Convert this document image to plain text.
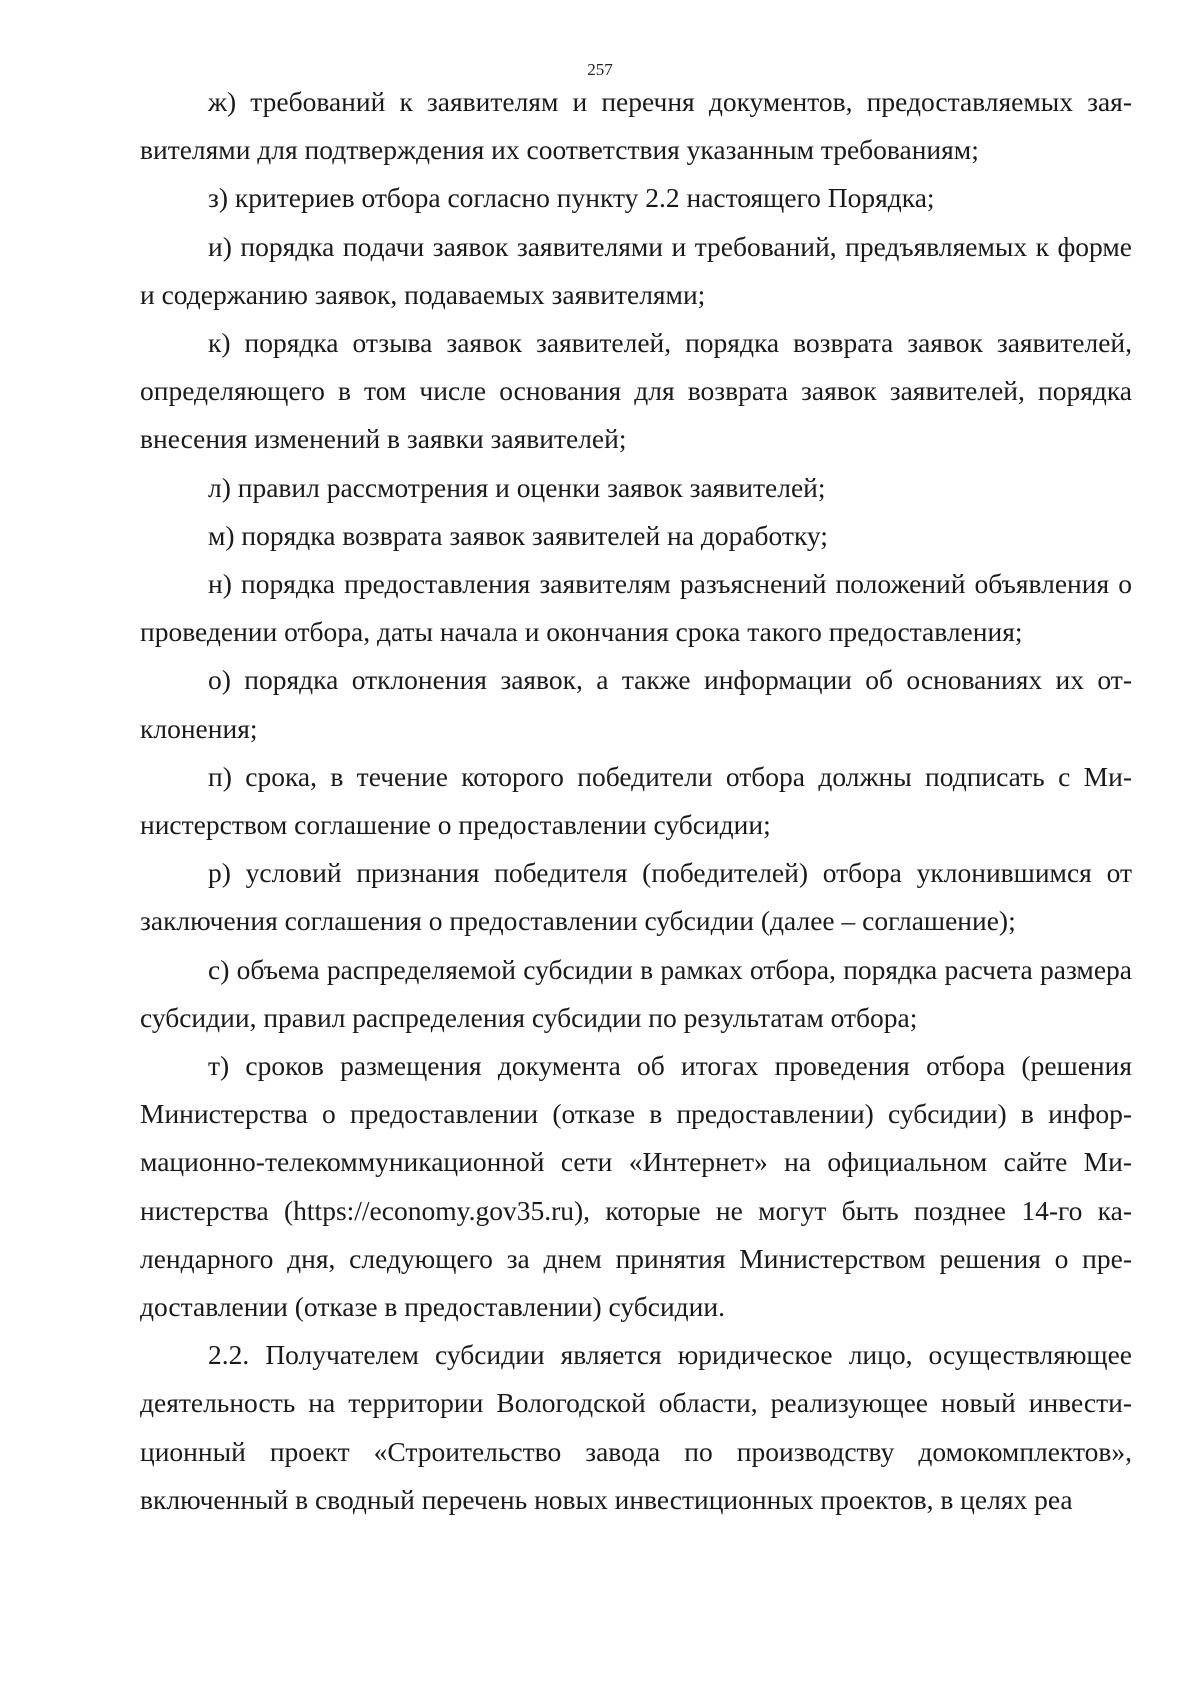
257

ж) требований к заявителям и перечня документов, предоставляемых заявителями для подтверждения их соответствия указанным требованиям;

з) критериев отбора согласно пункту 2.2 настоящего Порядка;

и) порядка подачи заявок заявителями и требований, предъявляемых к форме и содержанию заявок, подаваемых заявителями;

к) порядка отзыва заявок заявителей, порядка возврата заявок заявителей, определяющего в том числе основания для возврата заявок заявителей, порядка внесения изменений в заявки заявителей;

л) правил рассмотрения и оценки заявок заявителей;

м) порядка возврата заявок заявителей на доработку;

н) порядка предоставления заявителям разъяснений положений объявления о проведении отбора, даты начала и окончания срока такого предоставления;

о) порядка отклонения заявок, а также информации об основаниях их отклонения;

п) срока, в течение которого победители отбора должны подписать с Министерством соглашение о предоставлении субсидии;

р) условий признания победителя (победителей) отбора уклонившимся от заключения соглашения о предоставлении субсидии (далее – соглашение);

с) объема распределяемой субсидии в рамках отбора, порядка расчета размера субсидии, правил распределения субсидии по результатам отбора;

т) сроков размещения документа об итогах проведения отбора (решения Министерства о предоставлении (отказе в предоставлении) субсидии) в информационно-телекоммуникационной сети «Интернет» на официальном сайте Министерства (https://economy.gov35.ru), которые не могут быть позднее 14-го календарного дня, следующего за днем принятия Министерством решения о предоставлении (отказе в предоставлении) субсидии.

2.2. Получателем субсидии является юридическое лицо, осуществляющее деятельность на территории Вологодской области, реализующее новый инвестиционный проект «Строительство завода по производству домокомплектов», включенный в сводный перечень новых инвестиционных проектов, в целях реа
